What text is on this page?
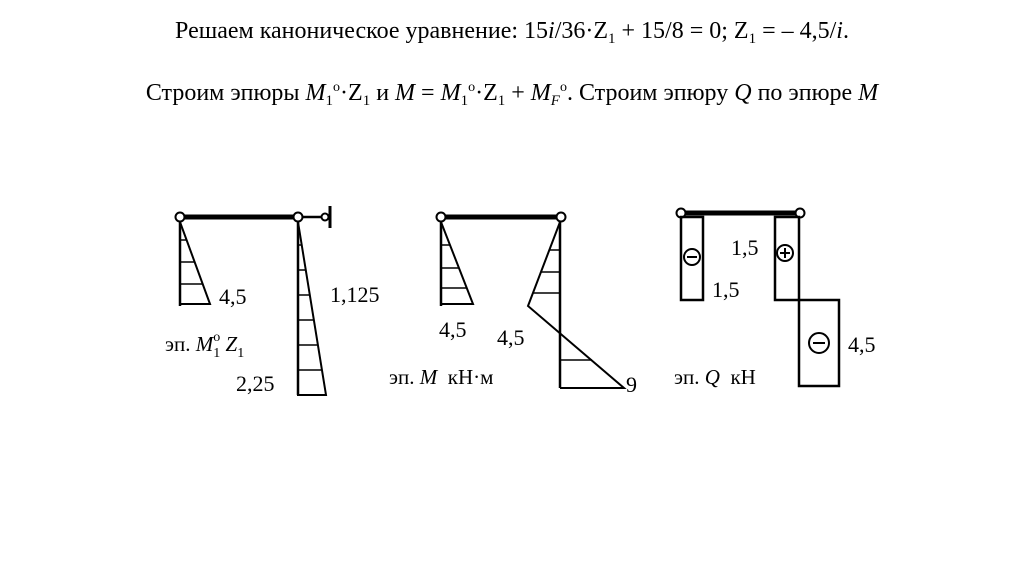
Решаем каноническое уравнение: $15i/36\cdot Z_1 + 15/8 = 0$; $Z_1$ = – 4,5/i.
Строим эпюры $M_1^o\cdot Z_1$ и $M = M_1^o\cdot Z_1 + M_F^o$. Строим эпюру Q по эпюре M
4,5	1,125
2,25
эп. $M_1o$ $Z_1$
4,5 4,5
9
эп. M  кН·м
1,5
1,5
4,5
эп. Q  кН
